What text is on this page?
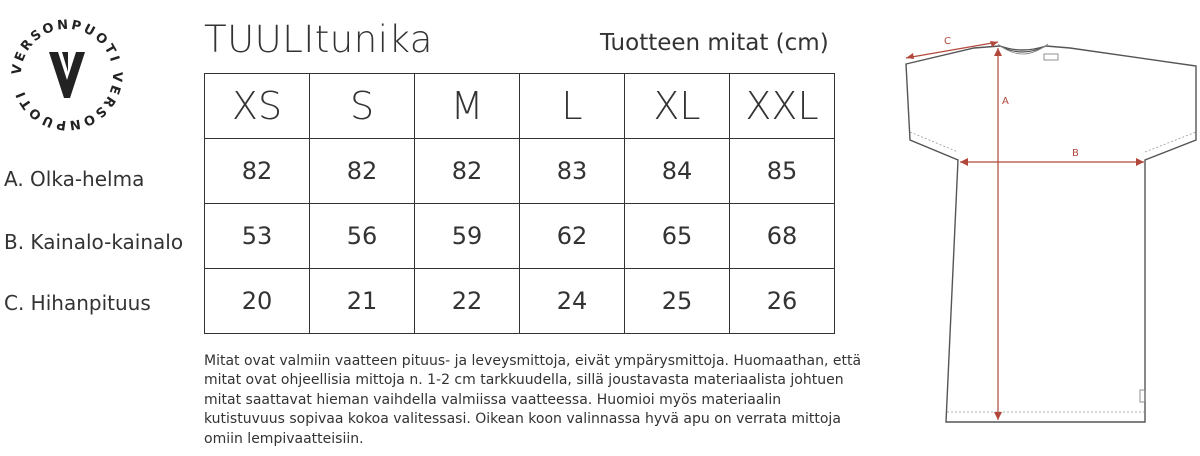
VERSONPUOTI VERSONPUOTI
TUULItunika	Tuotteen mitat (cm)
XS	S	M	L	XL	XXL
82	82	82	83	84	85
53	56	59	62	65	68
20	21	22	24	25	26
A. Olka-helma
B. Kainalo-kainalo
C. Hihanpituus
Mitat ovat valmiin vaatteen pituus- ja leveysmittoja, eivät ympärysmittoja. Huomaathan, että mitat ovat ohjeellisia mittoja n. 1-2 cm tarkkuudella, sillä joustavasta materiaalista johtuen mitat saattavat hieman vaihdella valmiissa vaatteessa. Huomioi myös materiaalin kutistuvuus sopivaa kokoa valitessasi. Oikean koon valinnassa hyvä apu on verrata mittoja omiin lempivaatteisiin.
C
A
B
